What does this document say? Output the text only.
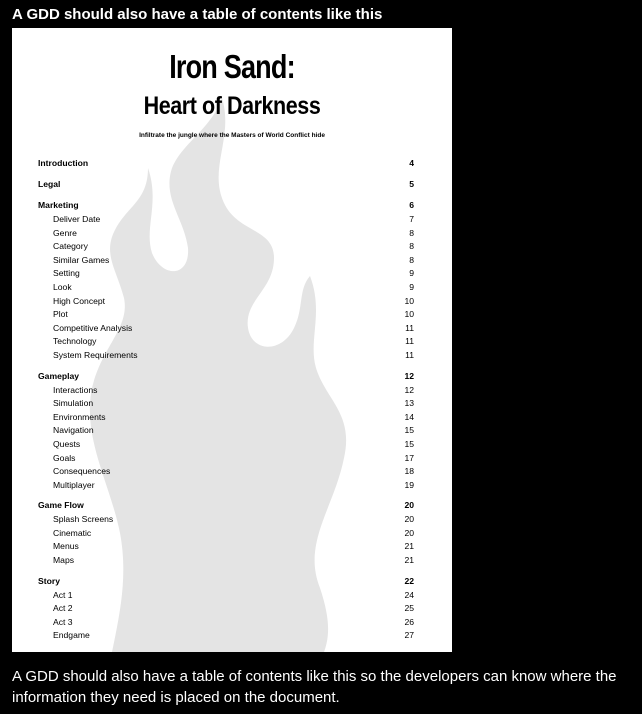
A GDD should also have a table of contents like this
Iron Sand:
Heart of Darkness
Infiltrate the jungle where the Masters of World Conflict hide
Introduction	4
Legal	5
Marketing	6
Deliver Date	7
Genre	8
Category	8
Similar Games	8
Setting	9
Look	9
High Concept	10
Plot	10
Competitive Analysis	11
Technology	11
System Requirements	11
Gameplay	12
Interactions	12
Simulation	13
Environments	14
Navigation	15
Quests	15
Goals	17
Consequences	18
Multiplayer	19
Game Flow	20
Splash Screens	20
Cinematic	20
Menus	21
Maps	21
Story	22
Act 1	24
Act 2	25
Act 3	26
Endgame	27
A GDD should also have a table of contents like this so the developers can know where the information they need is placed on the document.
